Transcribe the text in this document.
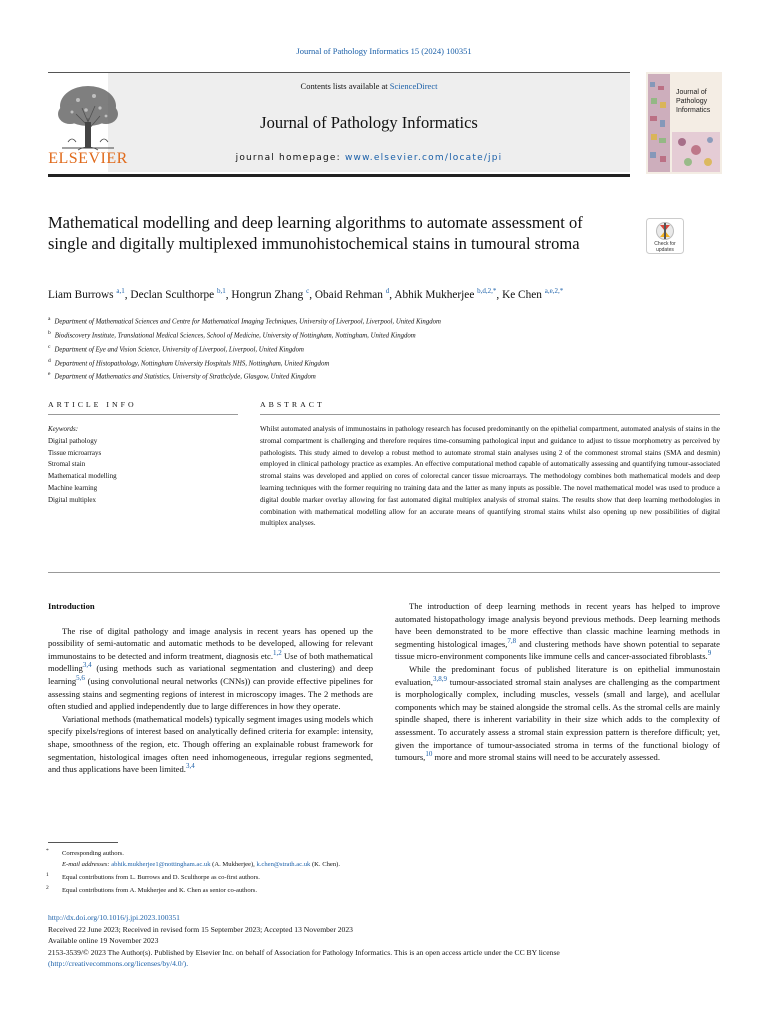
Journal of Pathology Informatics 15 (2024) 100351
ELSEVIER
Contents lists available at ScienceDirect
Journal of Pathology Informatics
journal homepage: www.elsevier.com/locate/jpi
Journal of
Pathology
Informatics
Mathematical modelling and deep learning algorithms to automate assessment of single and digitally multiplexed immunohistochemical stains in tumoural stroma	Check for updates
Liam Burrows $^{a,1}$, Declan Sculthorpe $^{b,1}$, Hongrun Zhang $^c$, Obaid Rehman $^d$, Abhik Mukherjee $^{b,d,2,*}$, Ke Chen $^{a,e,2,*}$
$^a$ Department of Mathematical Sciences and Centre for Mathematical Imaging Techniques, University of Liverpool, Liverpool, United Kingdom
$^b$ Biodiscovery Institute, Translational Medical Sciences, School of Medicine, University of Nottingham, Nottingham, United Kingdom
$^c$ Department of Eye and Vision Science, University of Liverpool, Liverpool, United Kingdom
$^d$ Department of Histopathology, Nottingham University Hospitals NHS, Nottingham, United Kingdom
$^e$ Department of Mathematics and Statistics, University of Strathclyde, Glasgow, United Kingdom
ARTICLE INFO	ABSTRACT
Keywords:
Digital pathology
Tissue microarrays
Stromal stain
Mathematical modelling
Machine learning
Digital multiplex
Whilst automated analysis of immunostains in pathology research has focused predominantly on the epithelial compartment, automated analysis of stains in the stromal compartment is challenging and therefore requires time-consuming pathological input and guidance to adjust to tissue morphometry as perceived by pathologists. This study aimed to develop a robust method to automate stromal stain analyses using 2 of the commonest stromal stains (SMA and desmin) employed in clinical pathology practice as examples. An effective computational method capable of automatically assessing and quantifying tumour-associated stromal stains was developed and applied on cores of colorectal cancer tissue microarrays. The methodology combines both mathematical models and deep learning techniques with the former requiring no training data and the latter as many inputs as possible. The novel mathematical model was used to produce a digital double marker overlay allowing for fast automated digital multiplex analysis of stromal stains. The results show that deep learning methodologies in combination with mathematical modelling allow for an accurate means of quantifying stromal stains whilst also opening up new possibilities of digital multiplex analyses.
Introduction

The rise of digital pathology and image analysis in recent years has opened up the possibility of semi-automatic and automatic methods to be developed, allowing for relevant immunostains to be detected and inform treatment, diagnosis etc.$^{1,2}$ Use of both mathematical modelling$^{3,4}$ (using methods such as variational segmentation and clustering) and deep learning$^{5,6}$ (using convolutional neural networks (CNNs)) can provide effective pipelines for assessing stains and segmenting regions of interest in microscopy images. The 2 methods are often studied and applied independently due to large differences in how they operate.

Variational methods (mathematical models) typically segment images using models which specify pixels/regions of interest based on analytically defined criteria for example: intensity, shape, smoothness of the region, etc. Though offering an explainable robust framework for segmentation, histological images often need inhomogeneous, irregular regions segmented, and thus applications have been limited.$^{3,4}$

The introduction of deep learning methods in recent years has helped to improve automated histopathology image analysis beyond previous methods. Deep learning methods have been demonstrated to be more effective than classic machine learning methods in segmenting histological images,$^{7,8}$ and clustering methods have shown potential to separate tissue micro-environment components like immune cells and cancer-associated fibroblasts.$^9$

While the predominant focus of published literature is on epithelial immunostain evaluation,$^{3,8,9}$ tumour-associated stromal stain analyses are challenging as the compartment is morphologically complex, including muscles, vessels (small and large), and acellular components which may be stained alongside the stromal cells. As the stromal cells are mainly spindle shaped, there is inherent variability in their size which adds to the complexity of assessment. To accurately assess a stromal stain expression pattern is therefore difficult; yet, given the importance of tumour-associated stroma in terms of the functional biology of tumours,$^{10}$ more and more stromal stains will need to be accurately assessed.

* Corresponding authors.
E-mail addresses: abhik.mukherjee1@nottingham.ac.uk (A. Mukherjee), k.chen@strath.ac.uk (K. Chen).
1 Equal contributions from L. Burrows and D. Sculthorpe as co-first authors.
2 Equal contributions from A. Mukherjee and K. Chen as senior co-authors.
http://dx.doi.org/10.1016/j.jpi.2023.100351
Received 22 June 2023; Received in revised form 15 September 2023; Accepted 13 November 2023
Available online 19 November 2023
2153-3539/© 2023 The Author(s). Published by Elsevier Inc. on behalf of Association for Pathology Informatics. This is an open access article under the CC BY license
(http://creativecommons.org/licenses/by/4.0/).
